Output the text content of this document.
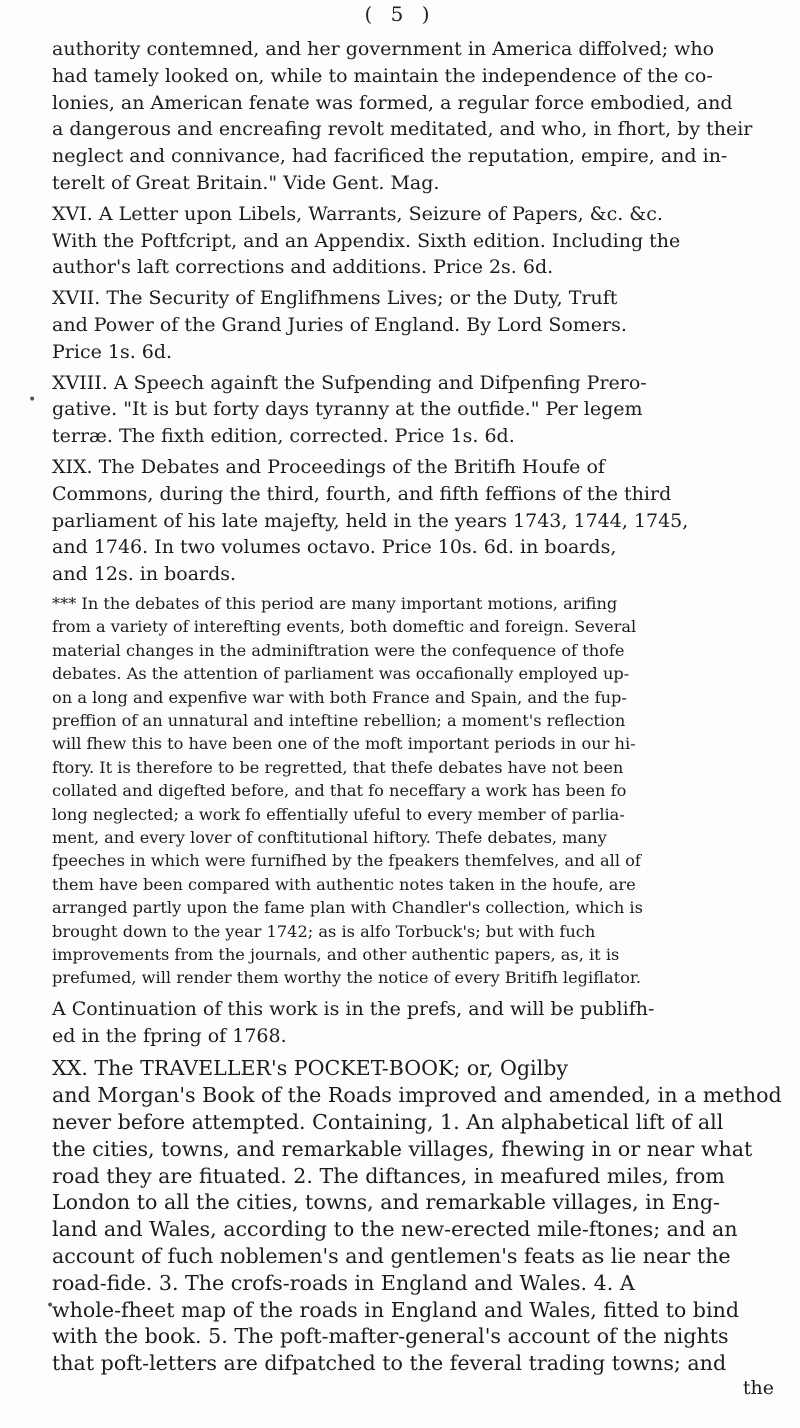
( 5 )

authority contemned, and her government in America diffolved; who
had tamely looked on, while to maintain the independence of the co-
lonies, an American fenate was formed, a regular force embodied, and
a dangerous and encreafing revolt meditated, and who, in fhort, by their
neglect and connivance, had facrificed the reputation, empire, and in-
terelt of Great Britain." Vide Gent. Mag.

XVI. A Letter upon Libels, Warrants, Seizure of Papers, &c. &c.
With the Poftfcript, and an Appendix. Sixth edition. Including the
author's laft corrections and additions. Price 2s. 6d.

XVII. The Security of Englifhmens Lives; or the Duty, Truft
and Power of the Grand Juries of England. By Lord Somers.
Price 1s. 6d.

XVIII. A Speech againft the Sufpending and Difpenfing Prero-
gative. "It is but forty days tyranny at the outfide." Per legem
terræ. The fixth edition, corrected. Price 1s. 6d.

XIX. The Debates and Proceedings of the Britifh Houfe of
Commons, during the third, fourth, and fifth feffions of the third
parliament of his late majefty, held in the years 1743, 1744, 1745,
and 1746. In two volumes octavo. Price 10s. 6d. in boards,
and 12s. in boards.

*** In the debates of this period are many important motions, arifing
from a variety of interefting events, both domeftic and foreign. Several
material changes in the adminiftration were the confequence of thofe
debates. As the attention of parliament was occafionally employed up-
on a long and expenfive war with both France and Spain, and the fup-
preffion of an unnatural and inteftine rebellion; a moment's reflection
will fhew this to have been one of the moft important periods in our hi-
ftory. It is therefore to be regretted, that thefe debates have not been
collated and digefted before, and that fo neceffary a work has been fo
long neglected; a work fo effentially ufeful to every member of parlia-
ment, and every lover of conftitutional hiftory. Thefe debates, many
fpeeches in which were furnifhed by the fpeakers themfelves, and all of
them have been compared with authentic notes taken in the houfe, are
arranged partly upon the fame plan with Chandler's collection, which is
brought down to the year 1742; as is alfo Torbuck's; but with fuch
improvements from the journals, and other authentic papers, as, it is
prefumed, will render them worthy the notice of every Britifh legiflator.

A Continuation of this work is in the prefs, and will be publifh-
ed in the fpring of 1768.

XX. The TRAVELLER's POCKET-BOOK; or, Ogilby
and Morgan's Book of the Roads improved and amended, in a method
never before attempted. Containing, 1. An alphabetical lift of all
the cities, towns, and remarkable villages, fhewing in or near what
road they are fituated. 2. The diftances, in meafured miles, from
London to all the cities, towns, and remarkable villages, in Eng-
land and Wales, according to the new-erected mile-ftones; and an
account of fuch noblemen's and gentlemen's feats as lie near the
road-fide. 3. The crofs-roads in England and Wales. 4. A
whole-fheet map of the roads in England and Wales, fitted to bind
with the book. 5. The poft-mafter-general's account of the nights
that poft-letters are difpatched to the feveral trading towns; and

the

•
•
